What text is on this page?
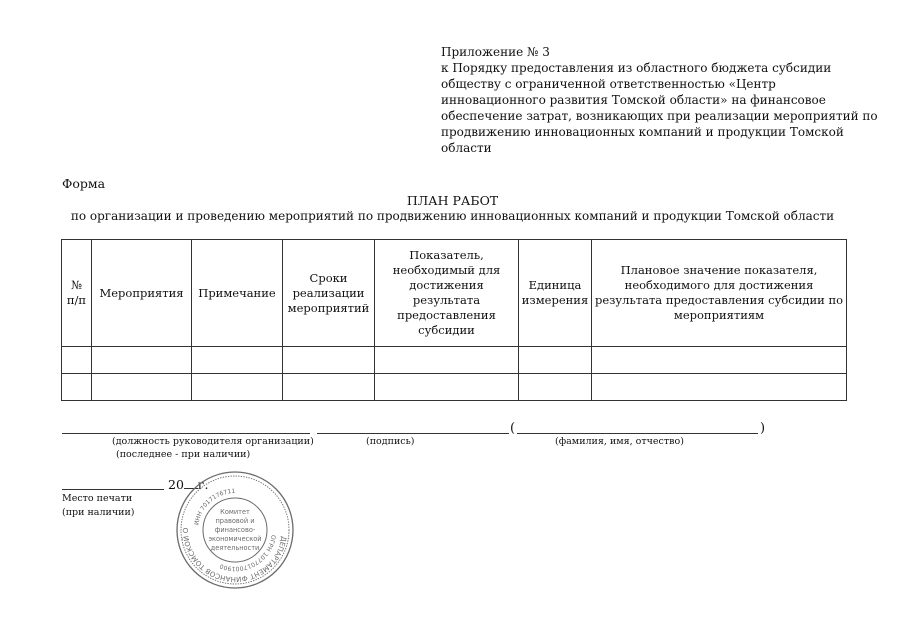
Приложение № 3
к Порядку предоставления из областного бюджета субсидии
обществу с ограниченной ответственностью «Центр
инновационного развития Томской области» на финансовое
обеспечение затрат, возникающих при реализации мероприятий по
продвижению инновационных компаний и продукции Томской
области
Форма
ПЛАН РАБОТ
по организации и проведению мероприятий по продвижению инновационных компаний и продукции Томской области
№ п/п	Мероприятия	Примечание	Сроки реализации мероприятий	Показатель, необходимый для достижения результата предоставления субсидии	Единица измерения	Плановое значение показателя, необходимого для достижения результата предоставления субсидии по мероприятиям

(	)
(должность руководителя организации)	(подпись)	(фамилия, имя, отчество)
(последнее - при наличии)
20 г.
Место печати
(при наличии)
ДЕПАРТАМЕНТ ФИНАНСОВ ТОМСКОЙ О
ИНН 7017176711
ОГРН 1077017001900
Комитет
правовой и
финансово-
экономической
деятельности
